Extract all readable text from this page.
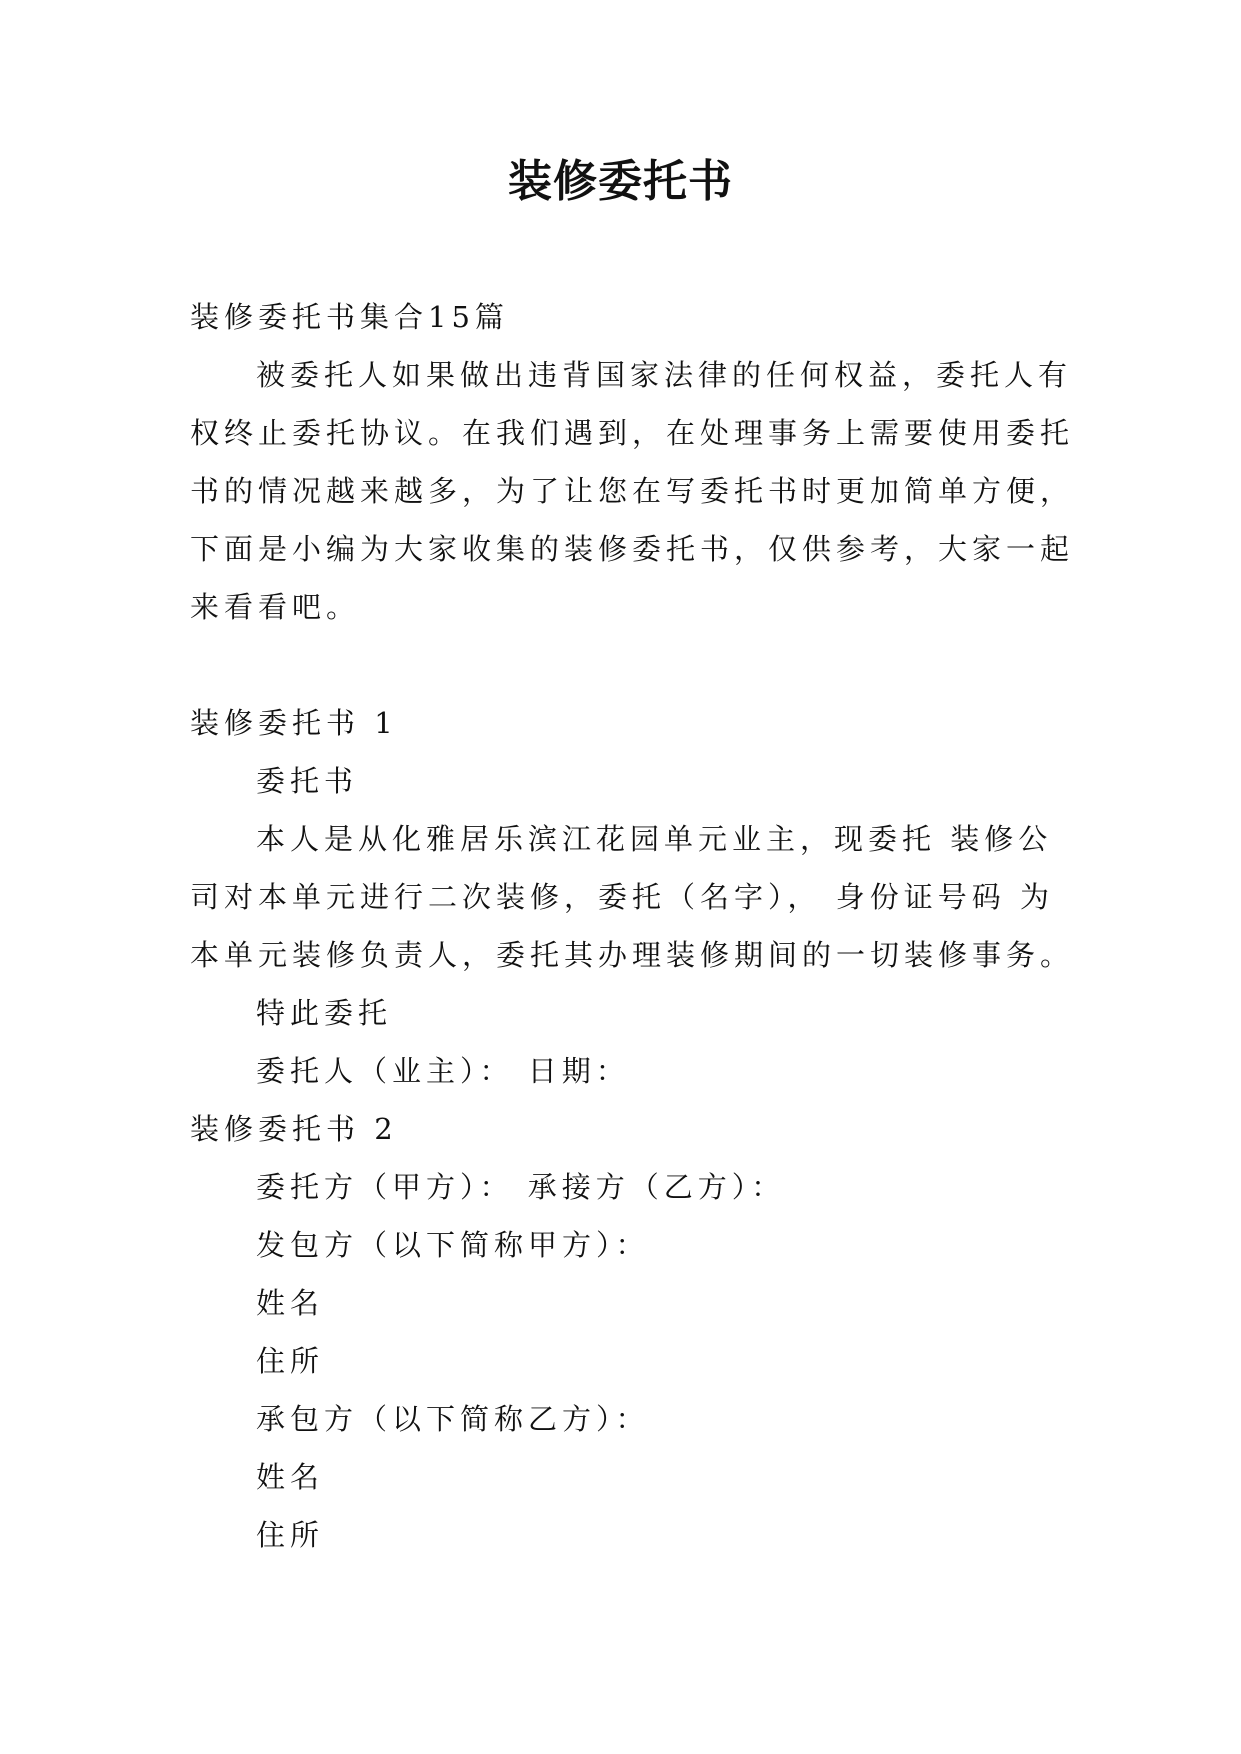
装修委托书
装修委托书集合15篇
被委托人如果做出违背国家法律的任何权益，委托人有
权终止委托协议。在我们遇到，在处理事务上需要使用委托
书的情况越来越多，为了让您在写委托书时更加简单方便，
下面是小编为大家收集的装修委托书，仅供参考，大家一起
来看看吧。
装修委托书 1
委托书
本人是从化雅居乐滨江花园单元业主，现委托 装修公
司对本单元进行二次装修，委托（名字）， 身份证号码 为
本单元装修负责人，委托其办理装修期间的一切装修事务。
特此委托
委托人（业主）： 日期：
装修委托书 2
委托方（甲方）： 承接方（乙方）：
发包方（以下简称甲方）：
姓名
住所
承包方（以下简称乙方）：
姓名
住所
